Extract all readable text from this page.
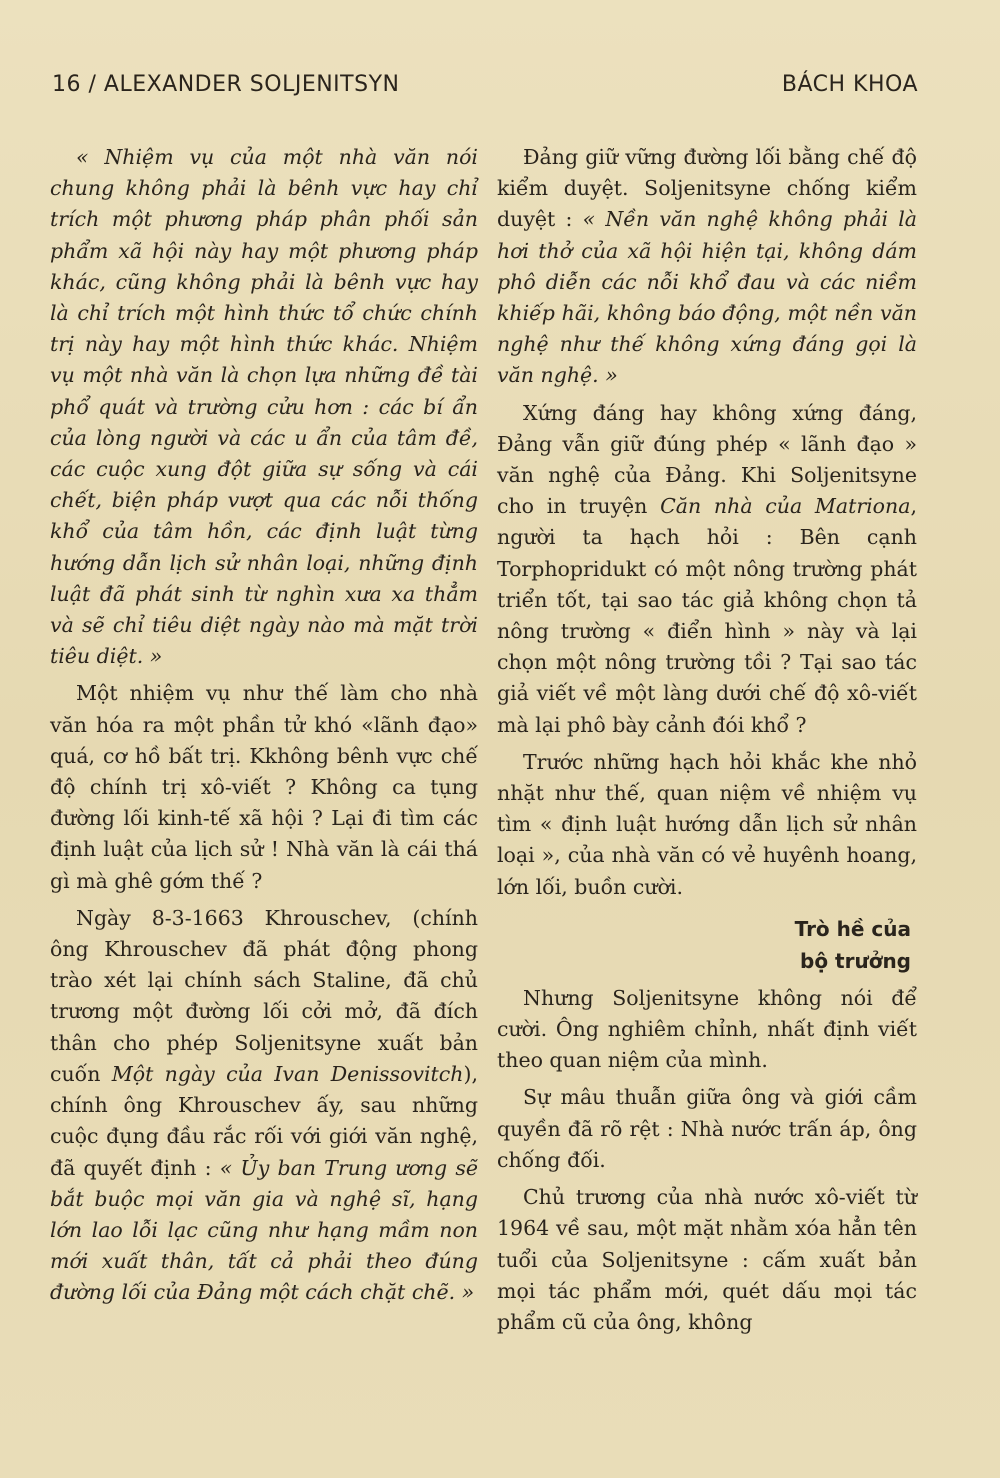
16 / ALEXANDER SOLJENITSYN	BÁCH KHOA

« Nhiệm vụ của một nhà văn nói chung không phải là bênh vực hay chỉ trích một phương pháp phân phối sản phẩm xã hội này hay một phương pháp khác, cũng không phải là bênh vực hay là chỉ trích một hình thức tổ chức chính trị này hay một hình thức khác. Nhiệm vụ một nhà văn là chọn lựa những đề tài phổ quát và trường cửu hơn : các bí ẩn của lòng người và các u ẩn của tâm đề, các cuộc xung đột giữa sự sống và cái chết, biện pháp vượt qua các nỗi thống khổ của tâm hồn, các định luật từng hướng dẫn lịch sử nhân loại, những định luật đã phát sinh từ nghìn xưa xa thẳm và sẽ chỉ tiêu diệt ngày nào mà mặt trời tiêu diệt. »

Một nhiệm vụ như thế làm cho nhà văn hóa ra một phần tử khó «lãnh đạo» quá, cơ hồ bất trị. Kkhông bênh vực chế độ chính trị xô-viết ? Không ca tụng đường lối kinh-tế xã hội ? Lại đi tìm các định luật của lịch sử ! Nhà văn là cái thá gì mà ghê gớm thế ?

Ngày 8-3-1663 Khrouschev, (chính ông Khrouschev đã phát động phong trào xét lại chính sách Staline, đã chủ trương một đường lối cởi mở, đã đích thân cho phép Soljenitsyne xuất bản cuốn Một ngày của Ivan Denissovitch), chính ông Khrouschev ấy, sau những cuộc đụng đầu rắc rối với giới văn nghệ, đã quyết định : « Ủy ban Trung ương sẽ bắt buộc mọi văn gia và nghệ sĩ, hạng lớn lao lỗi lạc cũng như hạng mầm non mới xuất thân, tất cả phải theo đúng đường lối của Đảng một cách chặt chẽ. »

Đảng giữ vững đường lối bằng chế độ kiểm duyệt. Soljenitsyne chống kiểm duyệt : « Nền văn nghệ không phải là hơi thở của xã hội hiện tại, không dám phô diễn các nỗi khổ đau và các niềm khiếp hãi, không báo động, một nền văn nghệ như thế không xứng đáng gọi là văn nghệ. »

Xứng đáng hay không xứng đáng, Đảng vẫn giữ đúng phép « lãnh đạo » văn nghệ của Đảng. Khi Soljenitsyne cho in truyện Căn nhà của Matriona, người ta hạch hỏi : Bên cạnh Torphopridukt có một nông trường phát triển tốt, tại sao tác giả không chọn tả nông trường « điển hình » này và lại chọn một nông trường tồi ? Tại sao tác giả viết về một làng dưới chế độ xô-viết mà lại phô bày cảnh đói khổ ?

Trước những hạch hỏi khắc khe nhỏ nhặt như thế, quan niệm về nhiệm vụ tìm « định luật hướng dẫn lịch sử nhân loại », của nhà văn có vẻ huyênh hoang, lớn lối, buồn cười.

Trò hề của
bộ trưởng

Nhưng Soljenitsyne không nói để cười. Ông nghiêm chỉnh, nhất định viết theo quan niệm của mình.

Sự mâu thuẫn giữa ông và giới cầm quyền đã rõ rệt : Nhà nước trấn áp, ông chống đối.

Chủ trương của nhà nước xô-viết từ 1964 về sau, một mặt nhằm xóa hẳn tên tuổi của Soljenitsyne : cấm xuất bản mọi tác phẩm mới, quét dấu mọi tác phẩm cũ của ông, không
